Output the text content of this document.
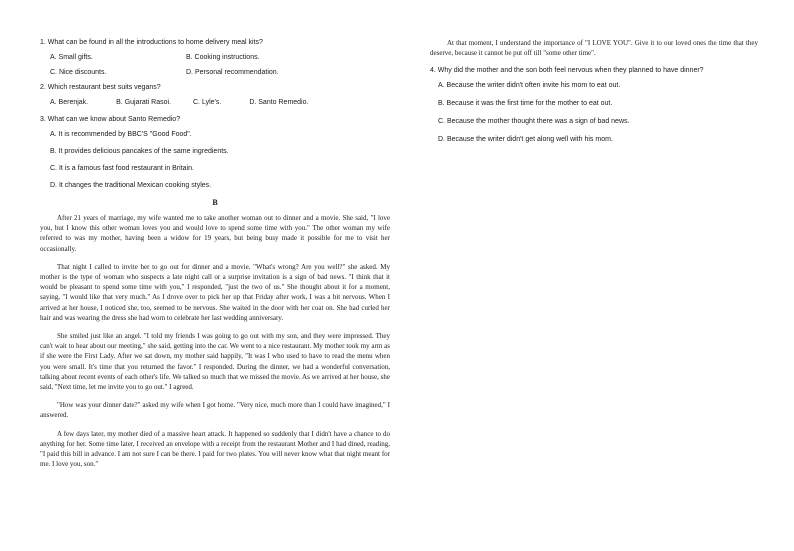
1. What can be found in all the introductions to home delivery meal kits?

A. Small gifts.	B. Cooking instructions.
C. Nice discounts.	D. Personal recommendation.

2. Which restaurant best suits vegans?

A. Berenjak.	B. Gujarati Rasoi.	C. Lyle's.	D. Santo Remedio.

3. What can we know about Santo Remedio?

A. It is recommended by BBC'S "Good Food".

B. It provides delicious pancakes of the same ingredients.

C. It is a famous fast food restaurant in Britain.

D. It changes the traditional Mexican cooking styles.

B

After 21 years of marriage, my wife wanted me to take another woman out to dinner and a movie. She said, "I love you, but I know this other woman loves you and would love to spend some time with you." The other woman my wife referred to was my mother, having been a widow for 19 years, but being busy made it possible for me to visit her occasionally.

That night I called to invite her to go out for dinner and a movie. "What's wrong? Are you well?" she asked. My mother is the type of woman who suspects a late night call or a surprise invitation is a sign of bad news. "I think that it would be pleasant to spend some time with you," I responded, "just the two of us." She thought about it for a moment, saying, "I would like that very much." As I drove over to pick her up that Friday after work, I was a bit nervous. When I arrived at her house, I noticed she, too, seemed to be nervous. She waited in the door with her coat on. She had curled her hair and was wearing the dress she had worn to celebrate her last wedding anniversary.

She smiled just like an angel. "I told my friends I was going to go out with my son, and they were impressed. They can't wait to hear about our meeting," she said, getting into the car. We went to a nice restaurant. My mother took my arm as if she were the First Lady. After we sat down, my mother said happily, "It was I who used to have to read the menu when you were small. It's time that you returned the favor." I responded. During the dinner, we had a wonderful conversation, talking about recent events of each other's life. We talked so much that we missed the movie. As we arrived at her house, she said, "Next time, let me invite you to go out." I agreed.

"How was your dinner date?" asked my wife when I got home. "Very nice, much more than I could have imagined," I answered.

A few days later, my mother died of a massive heart attack. It happened so suddenly that I didn't have a chance to do anything for her. Some time later, I received an envelope with a receipt from the restaurant Mother and I had dined, reading, "I paid this bill in advance. I am not sure I can be there. I paid for two plates. You will never know what that night meant for me. I love you, son."

At that moment, I understand the importance of "I LOVE YOU". Give it to our loved ones the time that they deserve, because it cannot be put off till "some other time".

4. Why did the mother and the son both feel nervous when they planned to have dinner?

A. Because the writer didn't often invite his mom to eat out.

B. Because it was the first time for the mother to eat out.

C. Because the mother thought there was a sign of bad news.

D. Because the writer didn't get along well with his mom.
